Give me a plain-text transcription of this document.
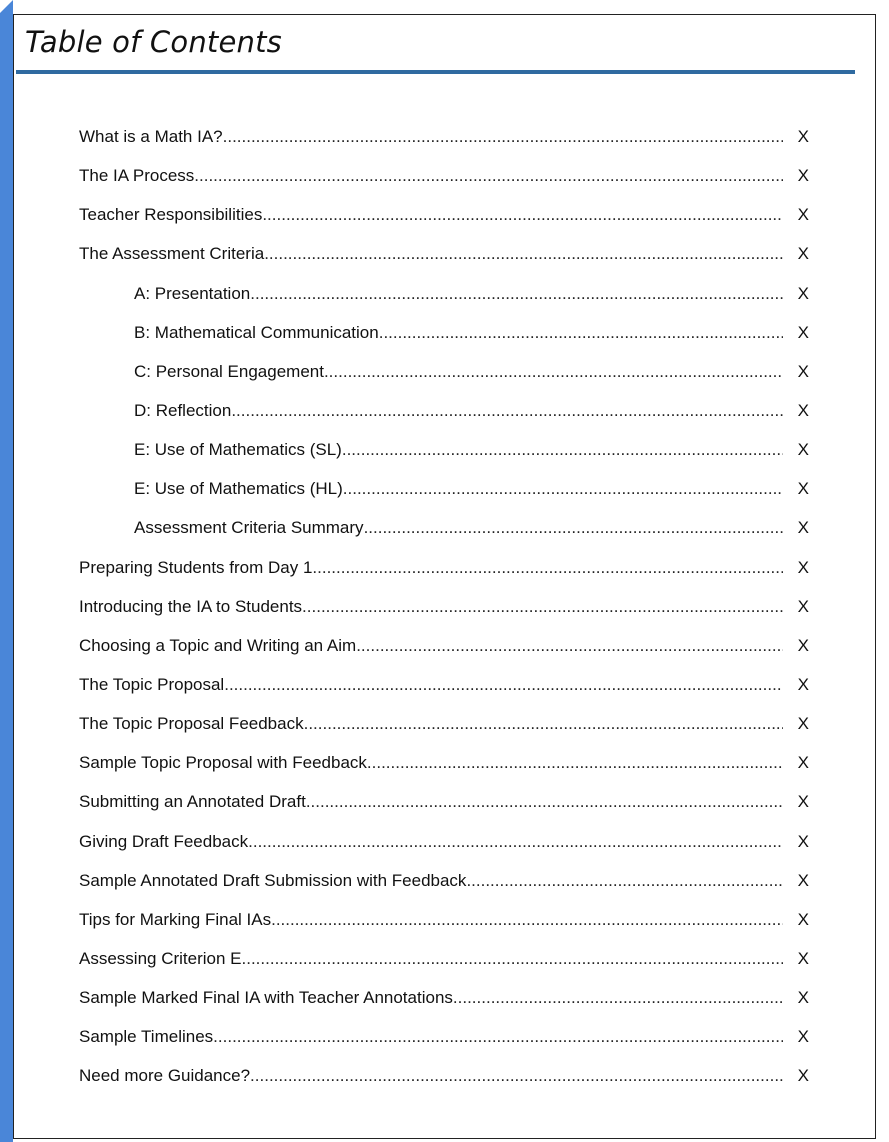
Table of Contents
What is a Math IA? .....	X
The IA Process .....	X
Teacher Responsibilities .....	X
The Assessment Criteria .....	X
A: Presentation .....	X
B: Mathematical Communication .....	X
C: Personal Engagement .....	X
D: Reflection .....	X
E: Use of Mathematics (SL) .....	X
E: Use of Mathematics (HL) .....	X
Assessment Criteria Summary .....	X
Preparing Students from Day 1 .....	X
Introducing the IA to Students .....	X
Choosing a Topic and Writing an Aim .....	X
The Topic Proposal .....	X
The Topic Proposal Feedback .....	X
Sample Topic Proposal with Feedback .....	X
Submitting an Annotated Draft .....	X
Giving Draft Feedback .....	X
Sample Annotated Draft Submission with Feedback .....	X
Tips for Marking Final IAs .....	X
Assessing Criterion E .....	X
Sample Marked Final IA with Teacher Annotations .....	X
Sample Timelines .....	X
Need more Guidance? .....	X
